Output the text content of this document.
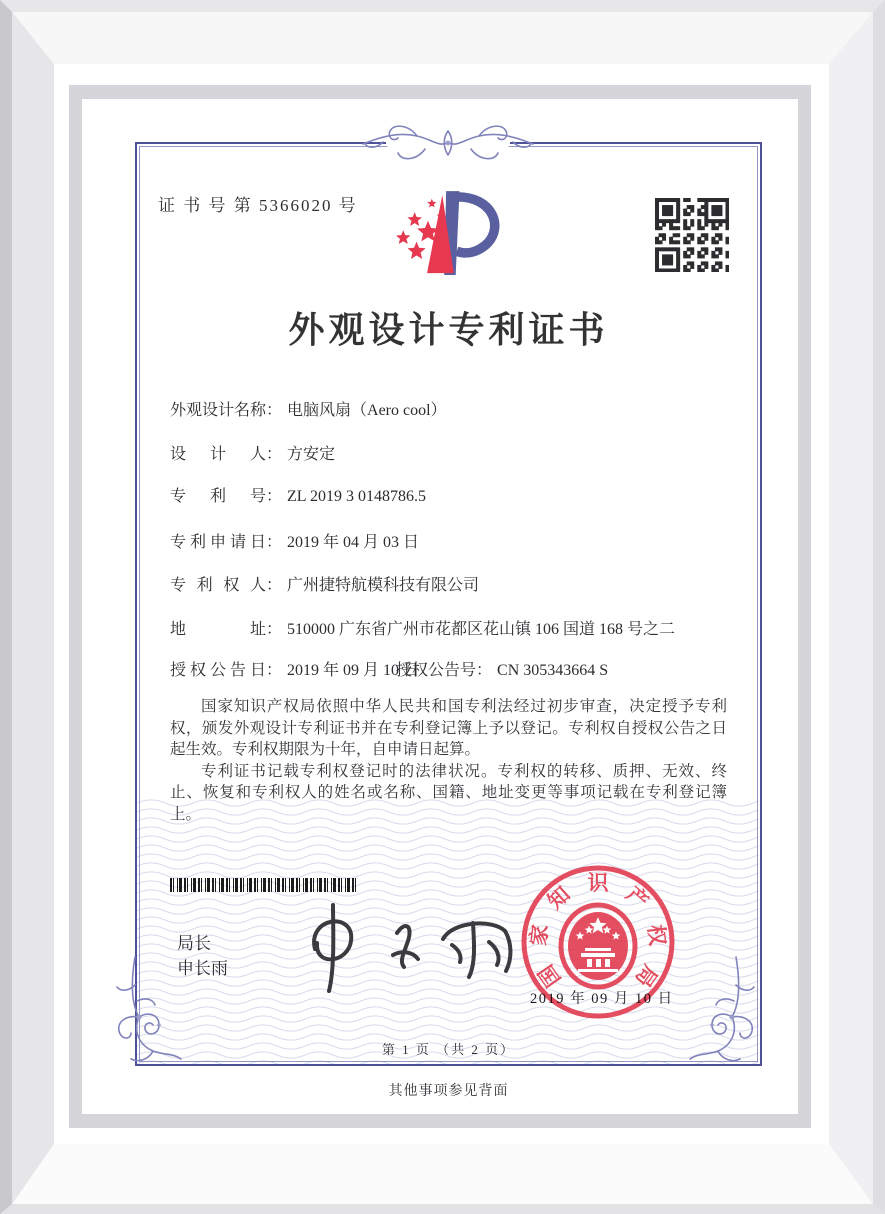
证 书 号 第 5366020 号
外观设计专利证书
外观设计名称： 电脑风扇（Aero cool）
设计人： 方安定
专利号： ZL 2019 3 0148786.5
专利申请日： 2019 年 04 月 03 日
专利权人： 广州捷特航模科技有限公司
地址： 510000 广东省广州市花都区花山镇 106 国道 168 号之二
授权公告日： 2019 年 09 月 10 日
授权公告号： CN 305343664 S

国家知识产权局依照中华人民共和国专利法经过初步审查，决定授予专利权，颁发外观设计专利证书并在专利登记簿上予以登记。专利权自授权公告之日起生效。专利权期限为十年，自申请日起算。

专利证书记载专利权登记时的法律状况。专利权的转移、质押、无效、终止、恢复和专利权人的姓名或名称、国籍、地址变更等事项记载在专利登记簿上。

局长
申长雨	国
家
知 识 产
权
局
2019 年 09 月 10 日
第 1 页 （共 2 页）
其他事项参见背面
